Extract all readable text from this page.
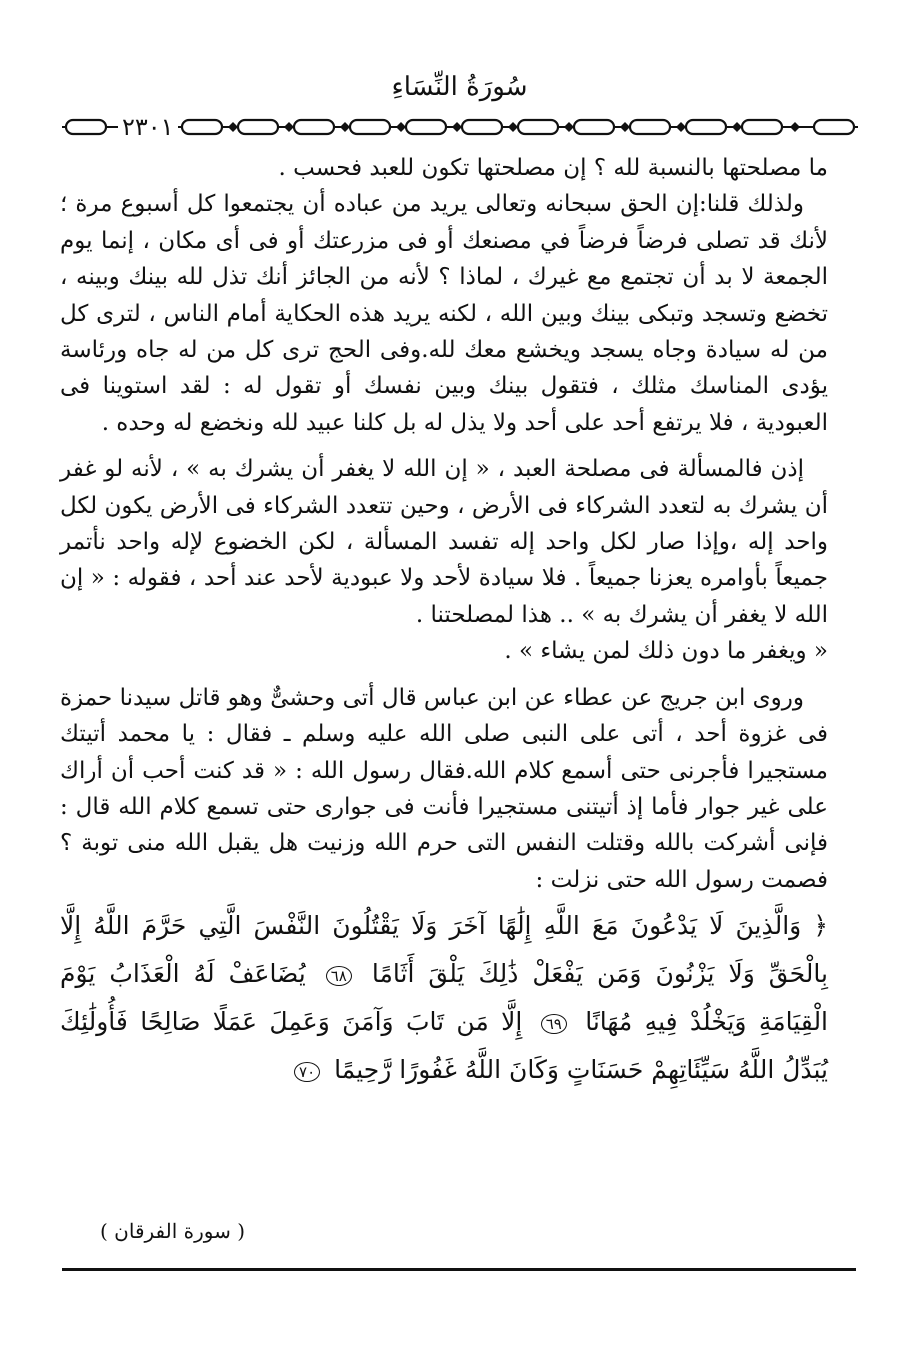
سُورَةُ النِّسَاءِ
٢٣٠١

ما مصلحتها بالنسبة لله ؟ إن مصلحتها تكون للعبد فحسب .

ولذلك قلنا:إن الحق سبحانه وتعالى يريد من عباده أن يجتمعوا كل أسبوع مرة ؛ لأنك قد تصلى فرضاً فرضاً في مصنعك أو فى مزرعتك أو فى أى مكان ، إنما يوم الجمعة لا بد أن تجتمع مع غيرك ، لماذا ؟ لأنه من الجائز أنك تذل لله بينك وبينه ، تخضع وتسجد وتبكى بينك وبين الله ، لكنه يريد هذه الحكاية أمام الناس ، لترى كل من له سيادة وجاه يسجد ويخشع معك لله.وفى الحج ترى كل من له جاه ورئاسة يؤدى المناسك مثلك ، فتقول بينك وبين نفسك أو تقول له : لقد استوينا فى العبودية ، فلا يرتفع أحد على أحد ولا يذل له بل كلنا عبيد لله ونخضع له وحده .

إذن فالمسألة فى مصلحة العبد ، « إن الله لا يغفر أن يشرك به » ، لأنه لو غفر أن يشرك به لتعدد الشركاء فى الأرض ، وحين تتعدد الشركاء فى الأرض يكون لكل واحد إله ،وإذا صار لكل واحد إله تفسد المسألة ، لكن الخضوع لإله واحد نأتمر جميعاً بأوامره يعزنا جميعاً . فلا سيادة لأحد ولا عبودية لأحد عند أحد ، فقوله : « إن الله لا يغفر أن يشرك به » .. هذا لمصلحتنا .

« ويغفر ما دون ذلك لمن يشاء » .

وروى ابن جريج عن عطاء عن ابن عباس قال أتى وحشىٌّ وهو قاتل سيدنا حمزة فى غزوة أحد ، أتى على النبى صلى الله عليه وسلم ـ فقال : يا محمد أتيتك مستجيرا فأجرنى حتى أسمع كلام الله.فقال رسول الله : « قد كنت أحب أن أراك على غير جوار فأما إذ أتيتنى مستجيرا فأنت فى جوارى حتى تسمع كلام الله قال : فإنى أشركت بالله وقتلت النفس التى حرم الله وزنيت هل يقبل الله منى توبة ؟ فصمت رسول الله حتى نزلت :

﴿ وَالَّذِينَ لَا يَدْعُونَ مَعَ اللَّهِ إِلَٰهًا آخَرَ وَلَا يَقْتُلُونَ النَّفْسَ الَّتِي حَرَّمَ اللَّهُ إِلَّا بِالْحَقِّ وَلَا يَزْنُونَ وَمَن يَفْعَلْ ذَٰلِكَ يَلْقَ أَثَامًا ٦٨ يُضَاعَفْ لَهُ الْعَذَابُ يَوْمَ الْقِيَامَةِ وَيَخْلُدْ فِيهِ مُهَانًا ٦٩ إِلَّا مَن تَابَ وَآمَنَ وَعَمِلَ عَمَلًا صَالِحًا فَأُولَٰئِكَ يُبَدِّلُ اللَّهُ سَيِّئَاتِهِمْ حَسَنَاتٍ وَكَانَ اللَّهُ غَفُورًا رَّحِيمًا ٧٠
( سورة الفرقان )
